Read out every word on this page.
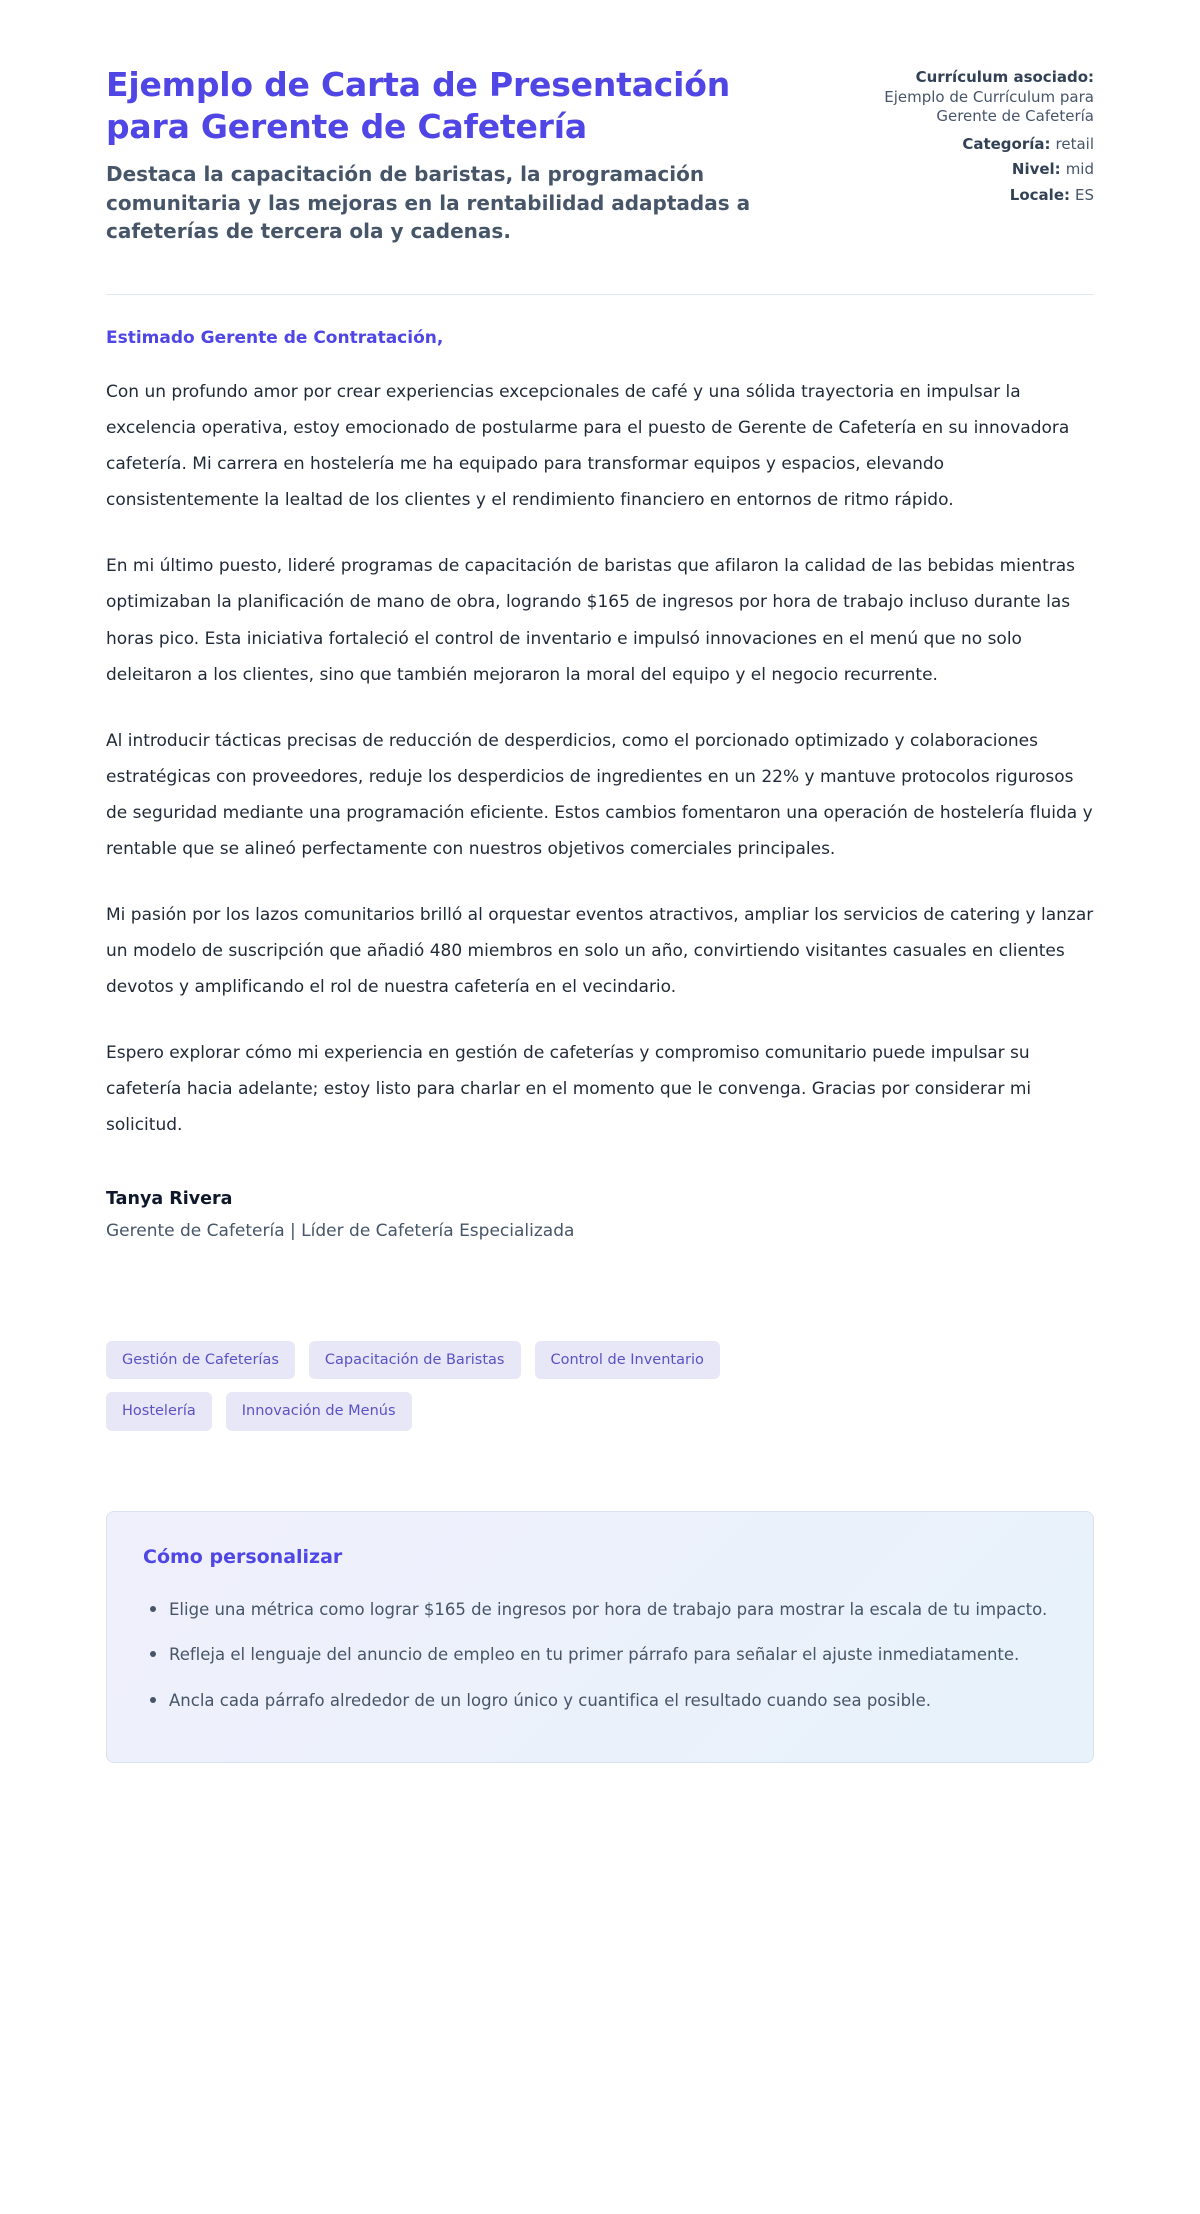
Ejemplo de Carta de Presentación para Gerente de Cafetería

Destaca la capacitación de baristas, la programación comunitaria y las mejoras en la rentabilidad adaptadas a cafeterías de tercera ola y cadenas.

Currículum asociado:
Ejemplo de Currículum para Gerente de Cafetería
Categoría: retail
Nivel: mid
Locale: ES

Estimado Gerente de Contratación,

Con un profundo amor por crear experiencias excepcionales de café y una sólida trayectoria en impulsar la excelencia operativa, estoy emocionado de postularme para el puesto de Gerente de Cafetería en su innovadora cafetería. Mi carrera en hostelería me ha equipado para transformar equipos y espacios, elevando consistentemente la lealtad de los clientes y el rendimiento financiero en entornos de ritmo rápido.

En mi último puesto, lideré programas de capacitación de baristas que afilaron la calidad de las bebidas mientras optimizaban la planificación de mano de obra, logrando $165 de ingresos por hora de trabajo incluso durante las horas pico. Esta iniciativa fortaleció el control de inventario e impulsó innovaciones en el menú que no solo deleitaron a los clientes, sino que también mejoraron la moral del equipo y el negocio recurrente.

Al introducir tácticas precisas de reducción de desperdicios, como el porcionado optimizado y colaboraciones estratégicas con proveedores, reduje los desperdicios de ingredientes en un 22% y mantuve protocolos rigurosos de seguridad mediante una programación eficiente. Estos cambios fomentaron una operación de hostelería fluida y rentable que se alineó perfectamente con nuestros objetivos comerciales principales.

Mi pasión por los lazos comunitarios brilló al orquestar eventos atractivos, ampliar los servicios de catering y lanzar un modelo de suscripción que añadió 480 miembros en solo un año, convirtiendo visitantes casuales en clientes devotos y amplificando el rol de nuestra cafetería en el vecindario.

Espero explorar cómo mi experiencia en gestión de cafeterías y compromiso comunitario puede impulsar su cafetería hacia adelante; estoy listo para charlar en el momento que le convenga. Gracias por considerar mi solicitud.

Tanya Rivera

Gerente de Cafetería | Líder de Cafetería Especializada

Gestión de Cafeterías	Capacitación de Baristas	Control de Inventario
Hostelería	Innovación de Menús
Cómo personalizar
Elige una métrica como lograr $165 de ingresos por hora de trabajo para mostrar la escala de tu impacto.
Refleja el lenguaje del anuncio de empleo en tu primer párrafo para señalar el ajuste inmediatamente.
Ancla cada párrafo alrededor de un logro único y cuantifica el resultado cuando sea posible.
